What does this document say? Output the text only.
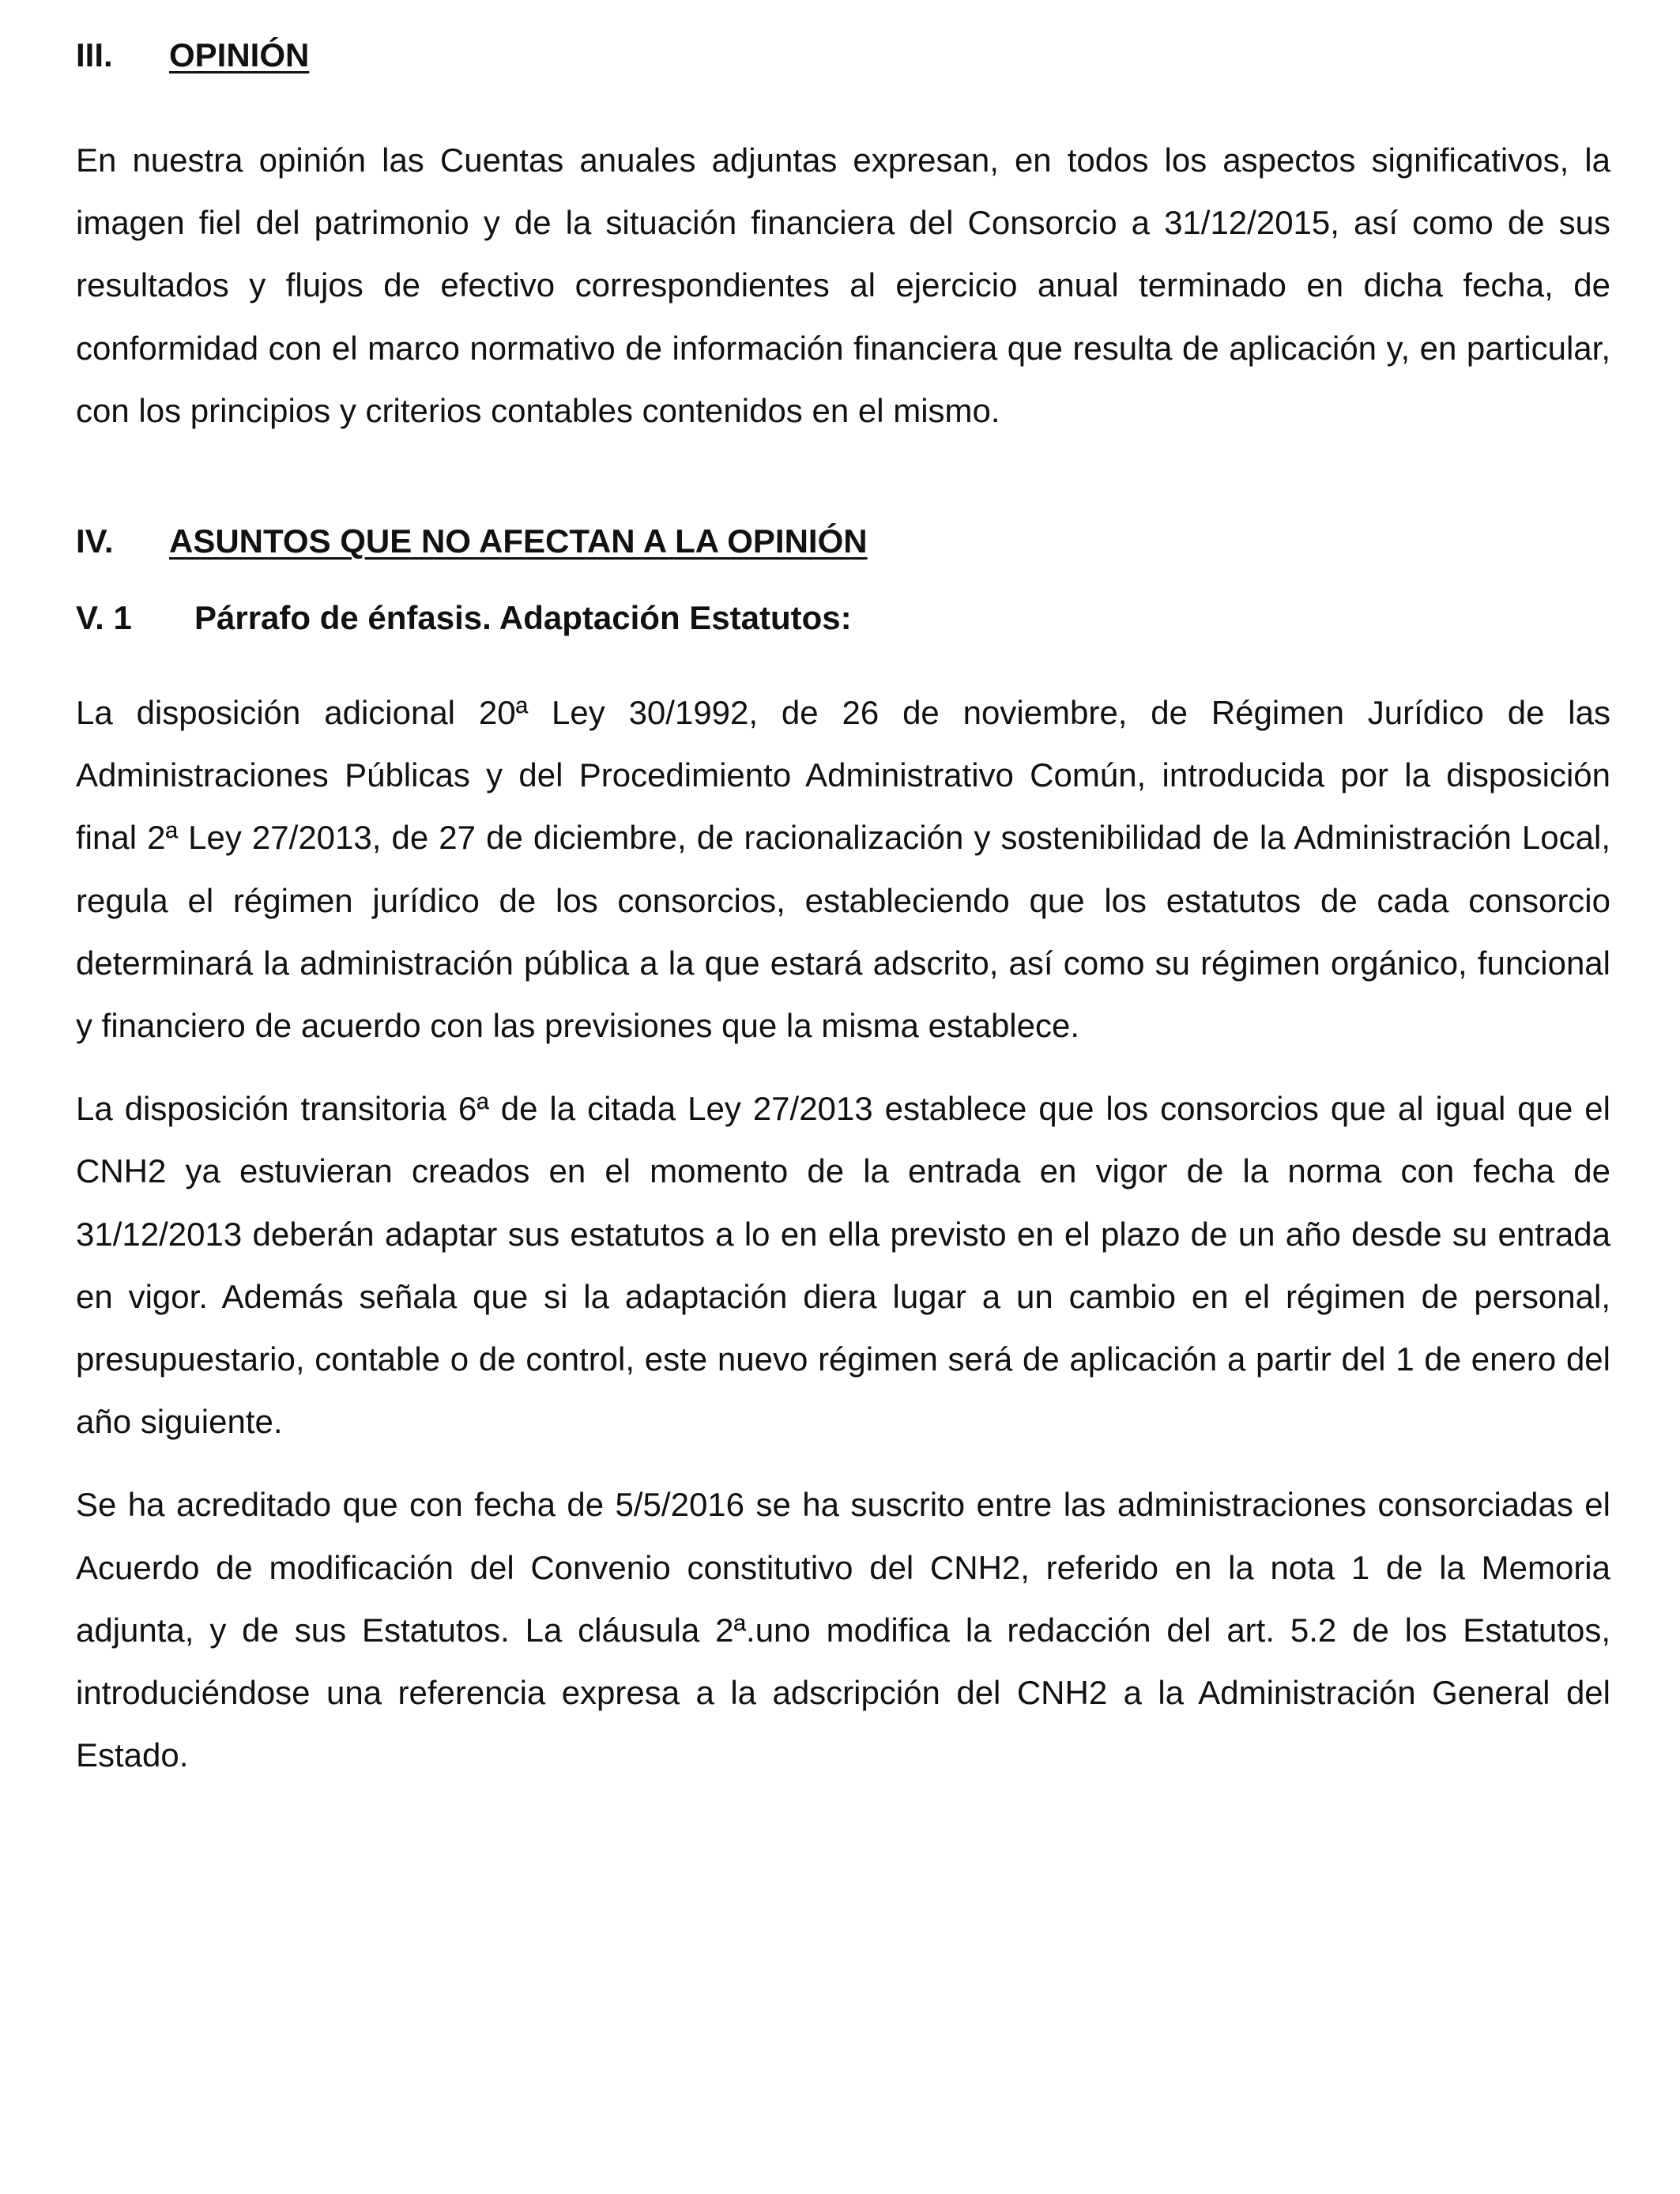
III.	OPINIÓN

En nuestra opinión las Cuentas anuales adjuntas expresan, en todos los aspectos significativos, la imagen fiel del patrimonio y de la situación financiera del Consorcio a 31/12/2015, así como de sus resultados y flujos de efectivo correspondientes al ejercicio anual terminado en dicha fecha, de conformidad con el marco normativo de información financiera que resulta de aplicación y, en particular, con los principios y criterios contables contenidos en el mismo.

IV.	ASUNTOS QUE NO AFECTAN A LA OPINIÓN
V. 1	Párrafo de énfasis. Adaptación Estatutos:

La disposición adicional 20ª Ley 30/1992, de 26 de noviembre, de Régimen Jurídico de las Administraciones Públicas y del Procedimiento Administrativo Común, introducida por la disposición final 2ª Ley 27/2013, de 27 de diciembre, de racionalización y sostenibilidad de la Administración Local, regula el régimen jurídico de los consorcios, estableciendo que los estatutos de cada consorcio determinará la administración pública a la que estará adscrito, así como su régimen orgánico, funcional y financiero de acuerdo con las previsiones que la misma establece.

La disposición transitoria 6ª de la citada Ley 27/2013 establece que los consorcios que al igual que el CNH2 ya estuvieran creados en el momento de la entrada en vigor de la norma con fecha de 31/12/2013 deberán adaptar sus estatutos a lo en ella previsto en el plazo de un año desde su entrada en vigor. Además señala que si la adaptación diera lugar a un cambio en el régimen de personal, presupuestario, contable o de control, este nuevo régimen será de aplicación a partir del 1 de enero del año siguiente.

Se ha acreditado que con fecha de 5/5/2016 se ha suscrito entre las administraciones consorciadas el Acuerdo de modificación del Convenio constitutivo del CNH2, referido en la nota 1 de la Memoria adjunta, y de sus Estatutos. La cláusula 2ª.uno modifica la redacción del art. 5.2 de los Estatutos, introduciéndose una referencia expresa a la adscripción del CNH2 a la Administración General del Estado.
